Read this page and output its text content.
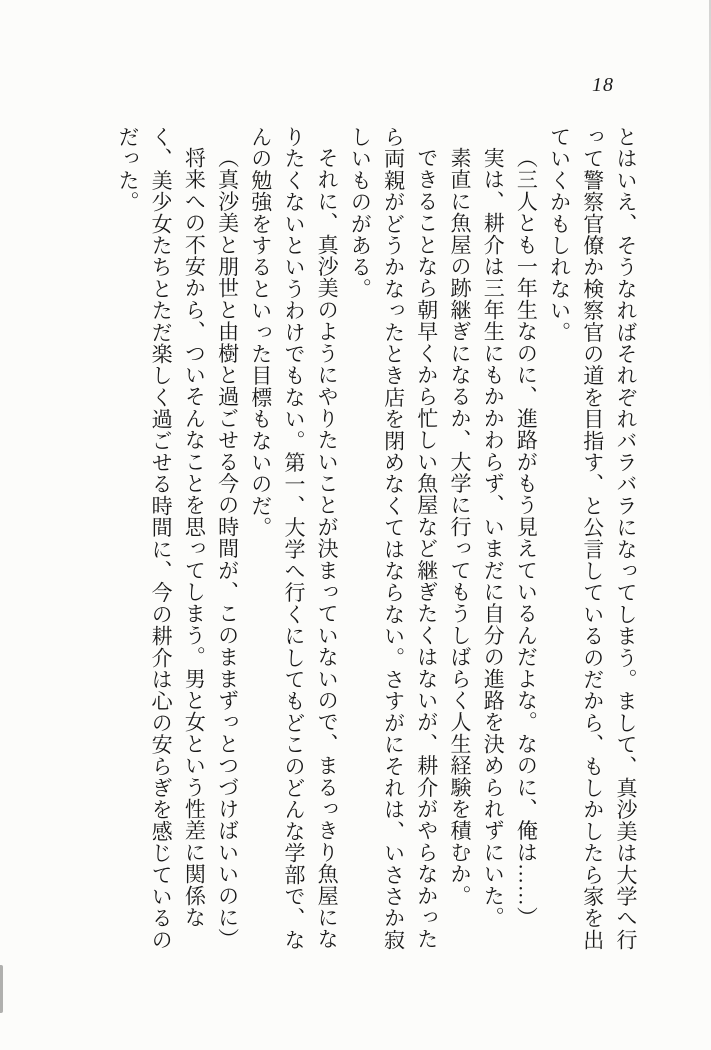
18

とはいえ、そうなればそれぞれバラバラになってしまう。まして、真沙美は大学へ行って警察官僚か検察官の道を目指す、と公言しているのだから、もしかしたら家を出ていくかもしれない。

（三人とも一年生なのに、進路がもう見えているんだよな。なのに、俺は……）

実は、耕介は三年生にもかかわらず、いまだに自分の進路を決められずにいた。

素直に魚屋の跡継ぎになるか、大学に行ってもうしばらく人生経験を積むか。

できることなら朝早くから忙しい魚屋など継ぎたくはないが、耕介がやらなかったら両親がどうかなったとき店を閉めなくてはならない。さすがにそれは、いささか寂しいものがある。

それに、真沙美のようにやりたいことが決まっていないので、まるっきり魚屋になりたくないというわけでもない。第一、大学へ行くにしてもどこのどんな学部で、なんの勉強をするといった目標もないのだ。

（真沙美と朋世と由樹と過ごせる今の時間が、このままずっとつづけばいいのに）

将来への不安から、ついそんなことを思ってしまう。男と女という性差に関係なく、美少女たちとただ楽しく過ごせる時間に、今の耕介は心の安らぎを感じているのだった。
